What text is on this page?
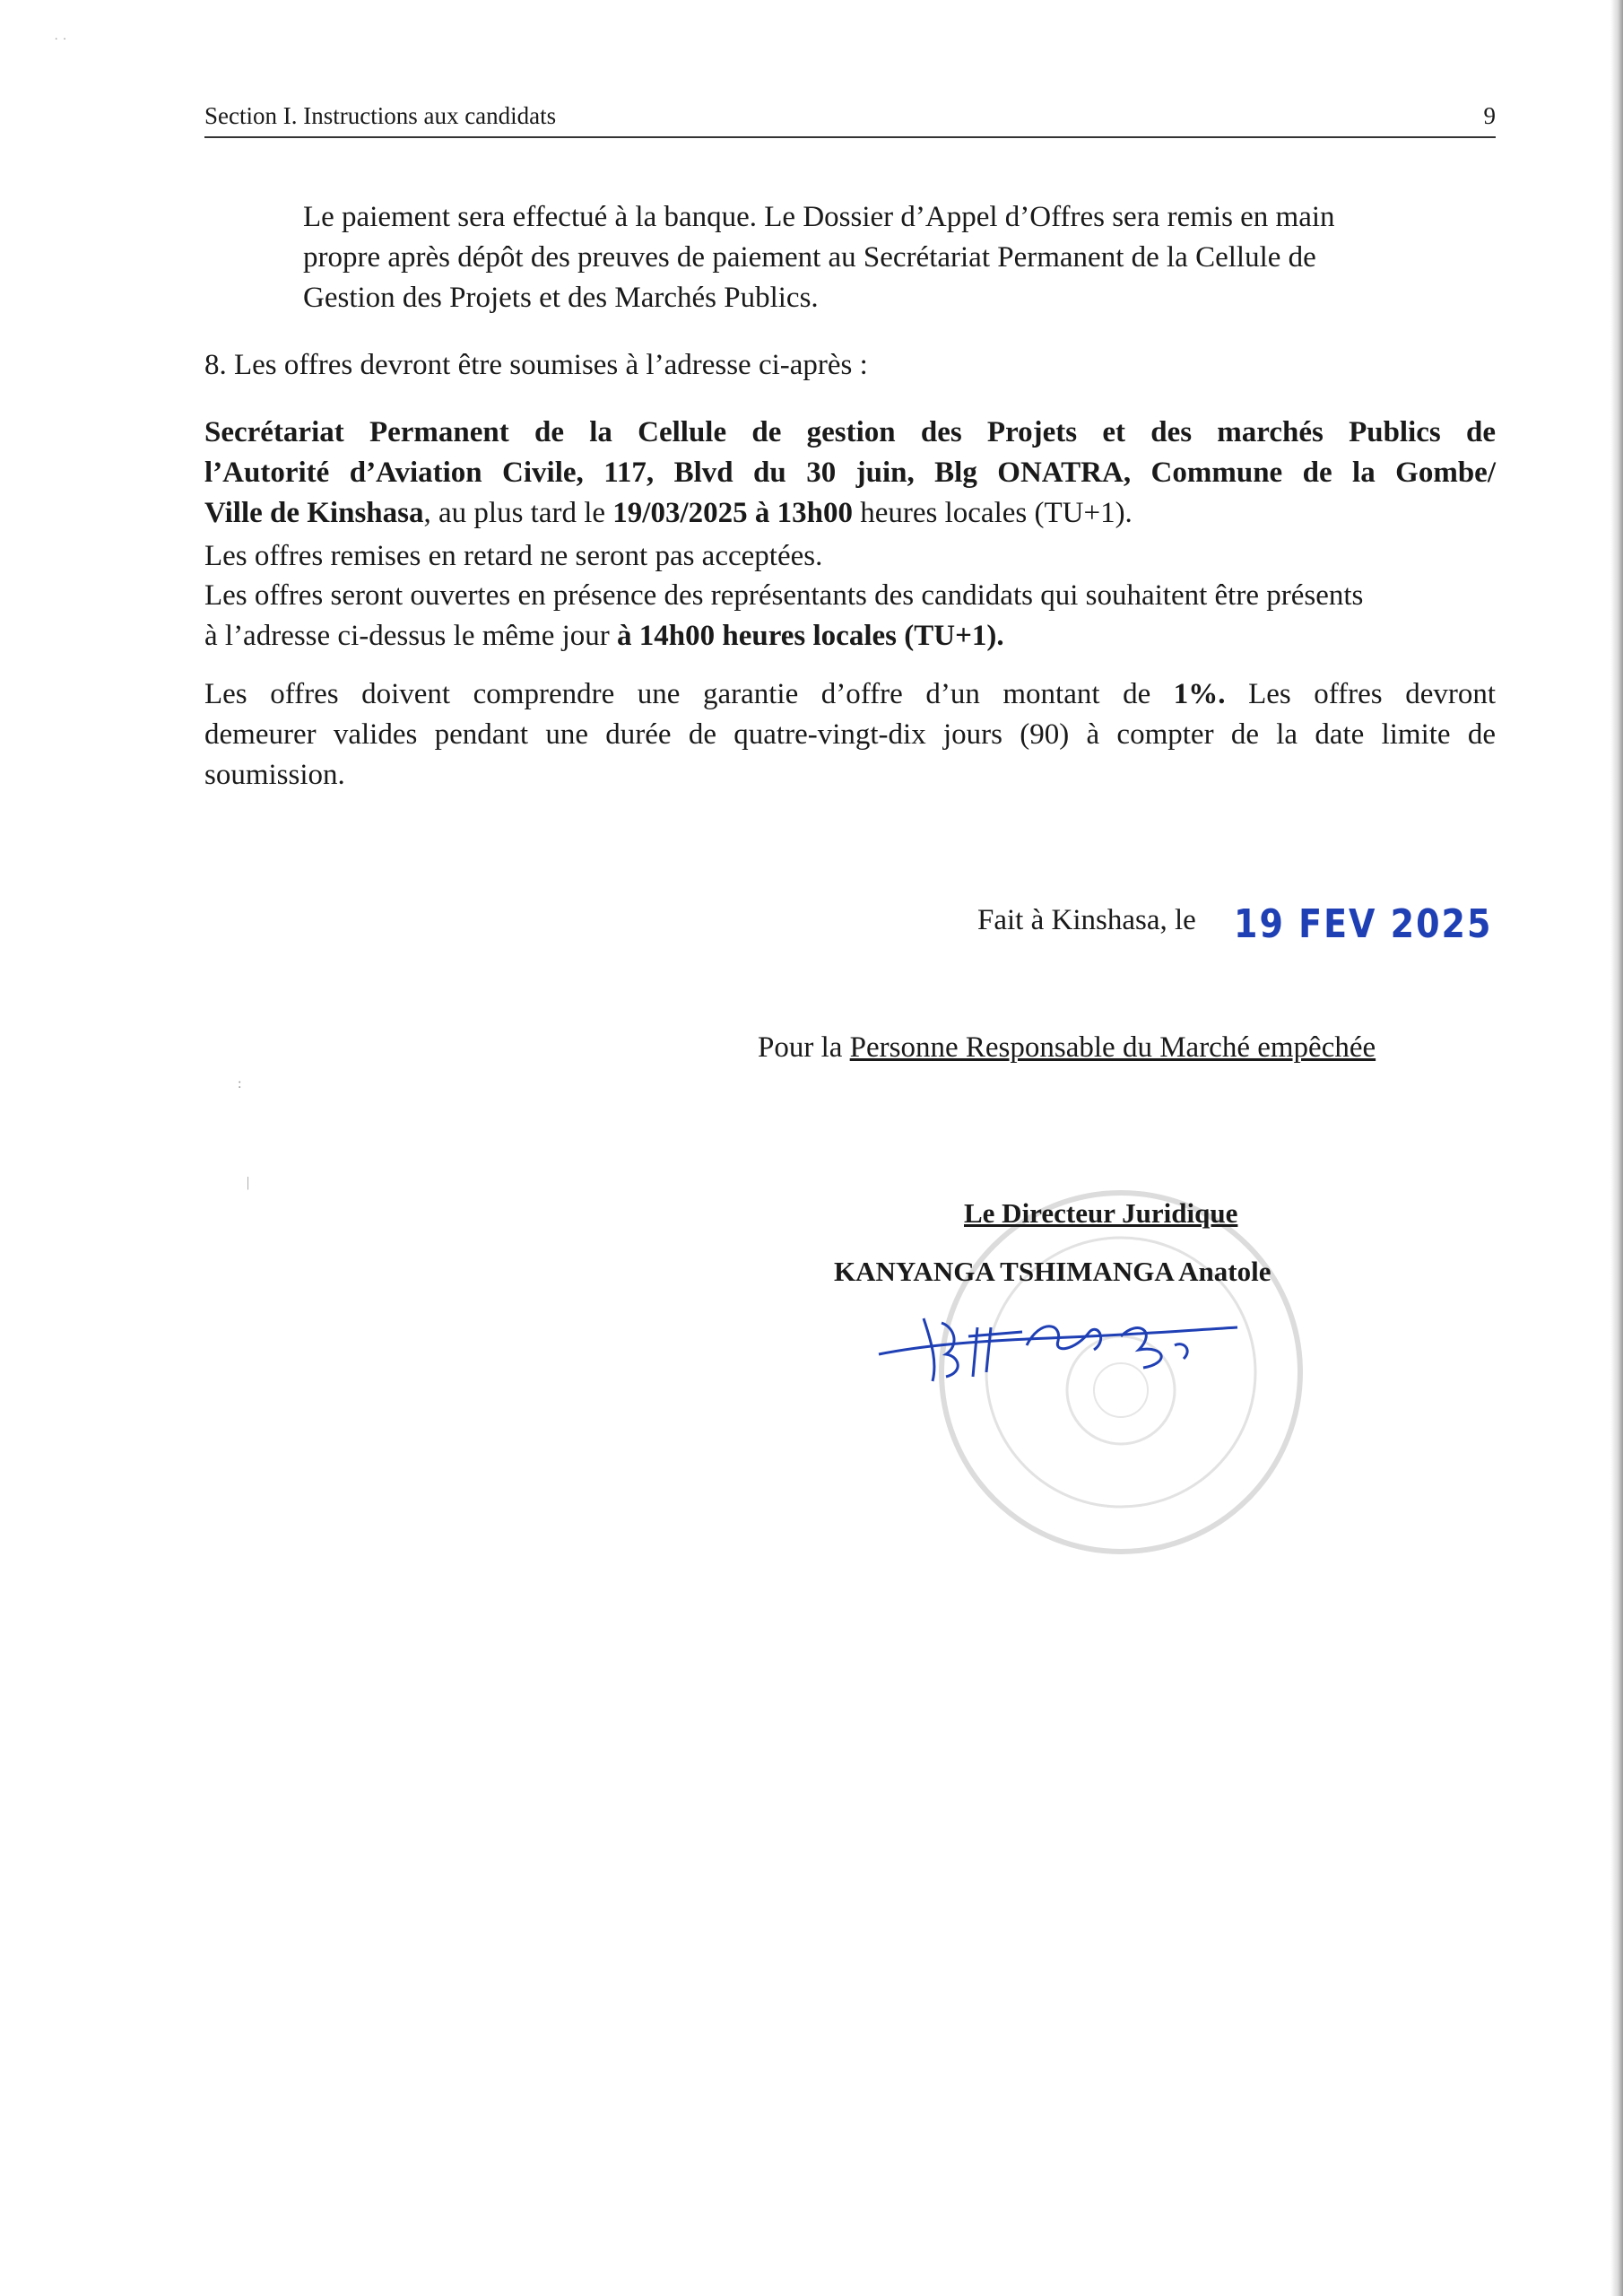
˙ ˙
:
|
Section I. Instructions aux candidats	9

Le paiement sera effectué à la banque. Le Dossier d’Appel d’Offres sera remis en main
propre après dépôt des preuves de paiement au Secrétariat Permanent de la Cellule de
Gestion des Projets et des Marchés Publics.

8. Les offres devront être soumises à l’adresse ci-après :

Secrétariat Permanent de la Cellule de gestion des Projets et des marchés Publics de
l’Autorité d’Aviation Civile, 117, Blvd du 30 juin, Blg ONATRA, Commune de la Gombe/
Ville de Kinshasa, au plus tard le 19/03/2025 à 13h00 heures locales (TU+1).

Les offres remises en retard ne seront pas acceptées.

Les offres seront ouvertes en présence des représentants des candidats qui souhaitent être présents
à l’adresse ci-dessus le même jour à 14h00 heures locales (TU+1).

Les offres doivent comprendre une garantie d’offre d’un montant de 1%. Les offres devront
demeurer valides pendant une durée de quatre-vingt-dix jours (90) à compter de la date limite de
soumission.

Fait à Kinshasa, le 19 FEV 2025
Pour la Personne Responsable du Marché empêchée
Le Directeur Juridique
KANYANGA TSHIMANGA Anatole
